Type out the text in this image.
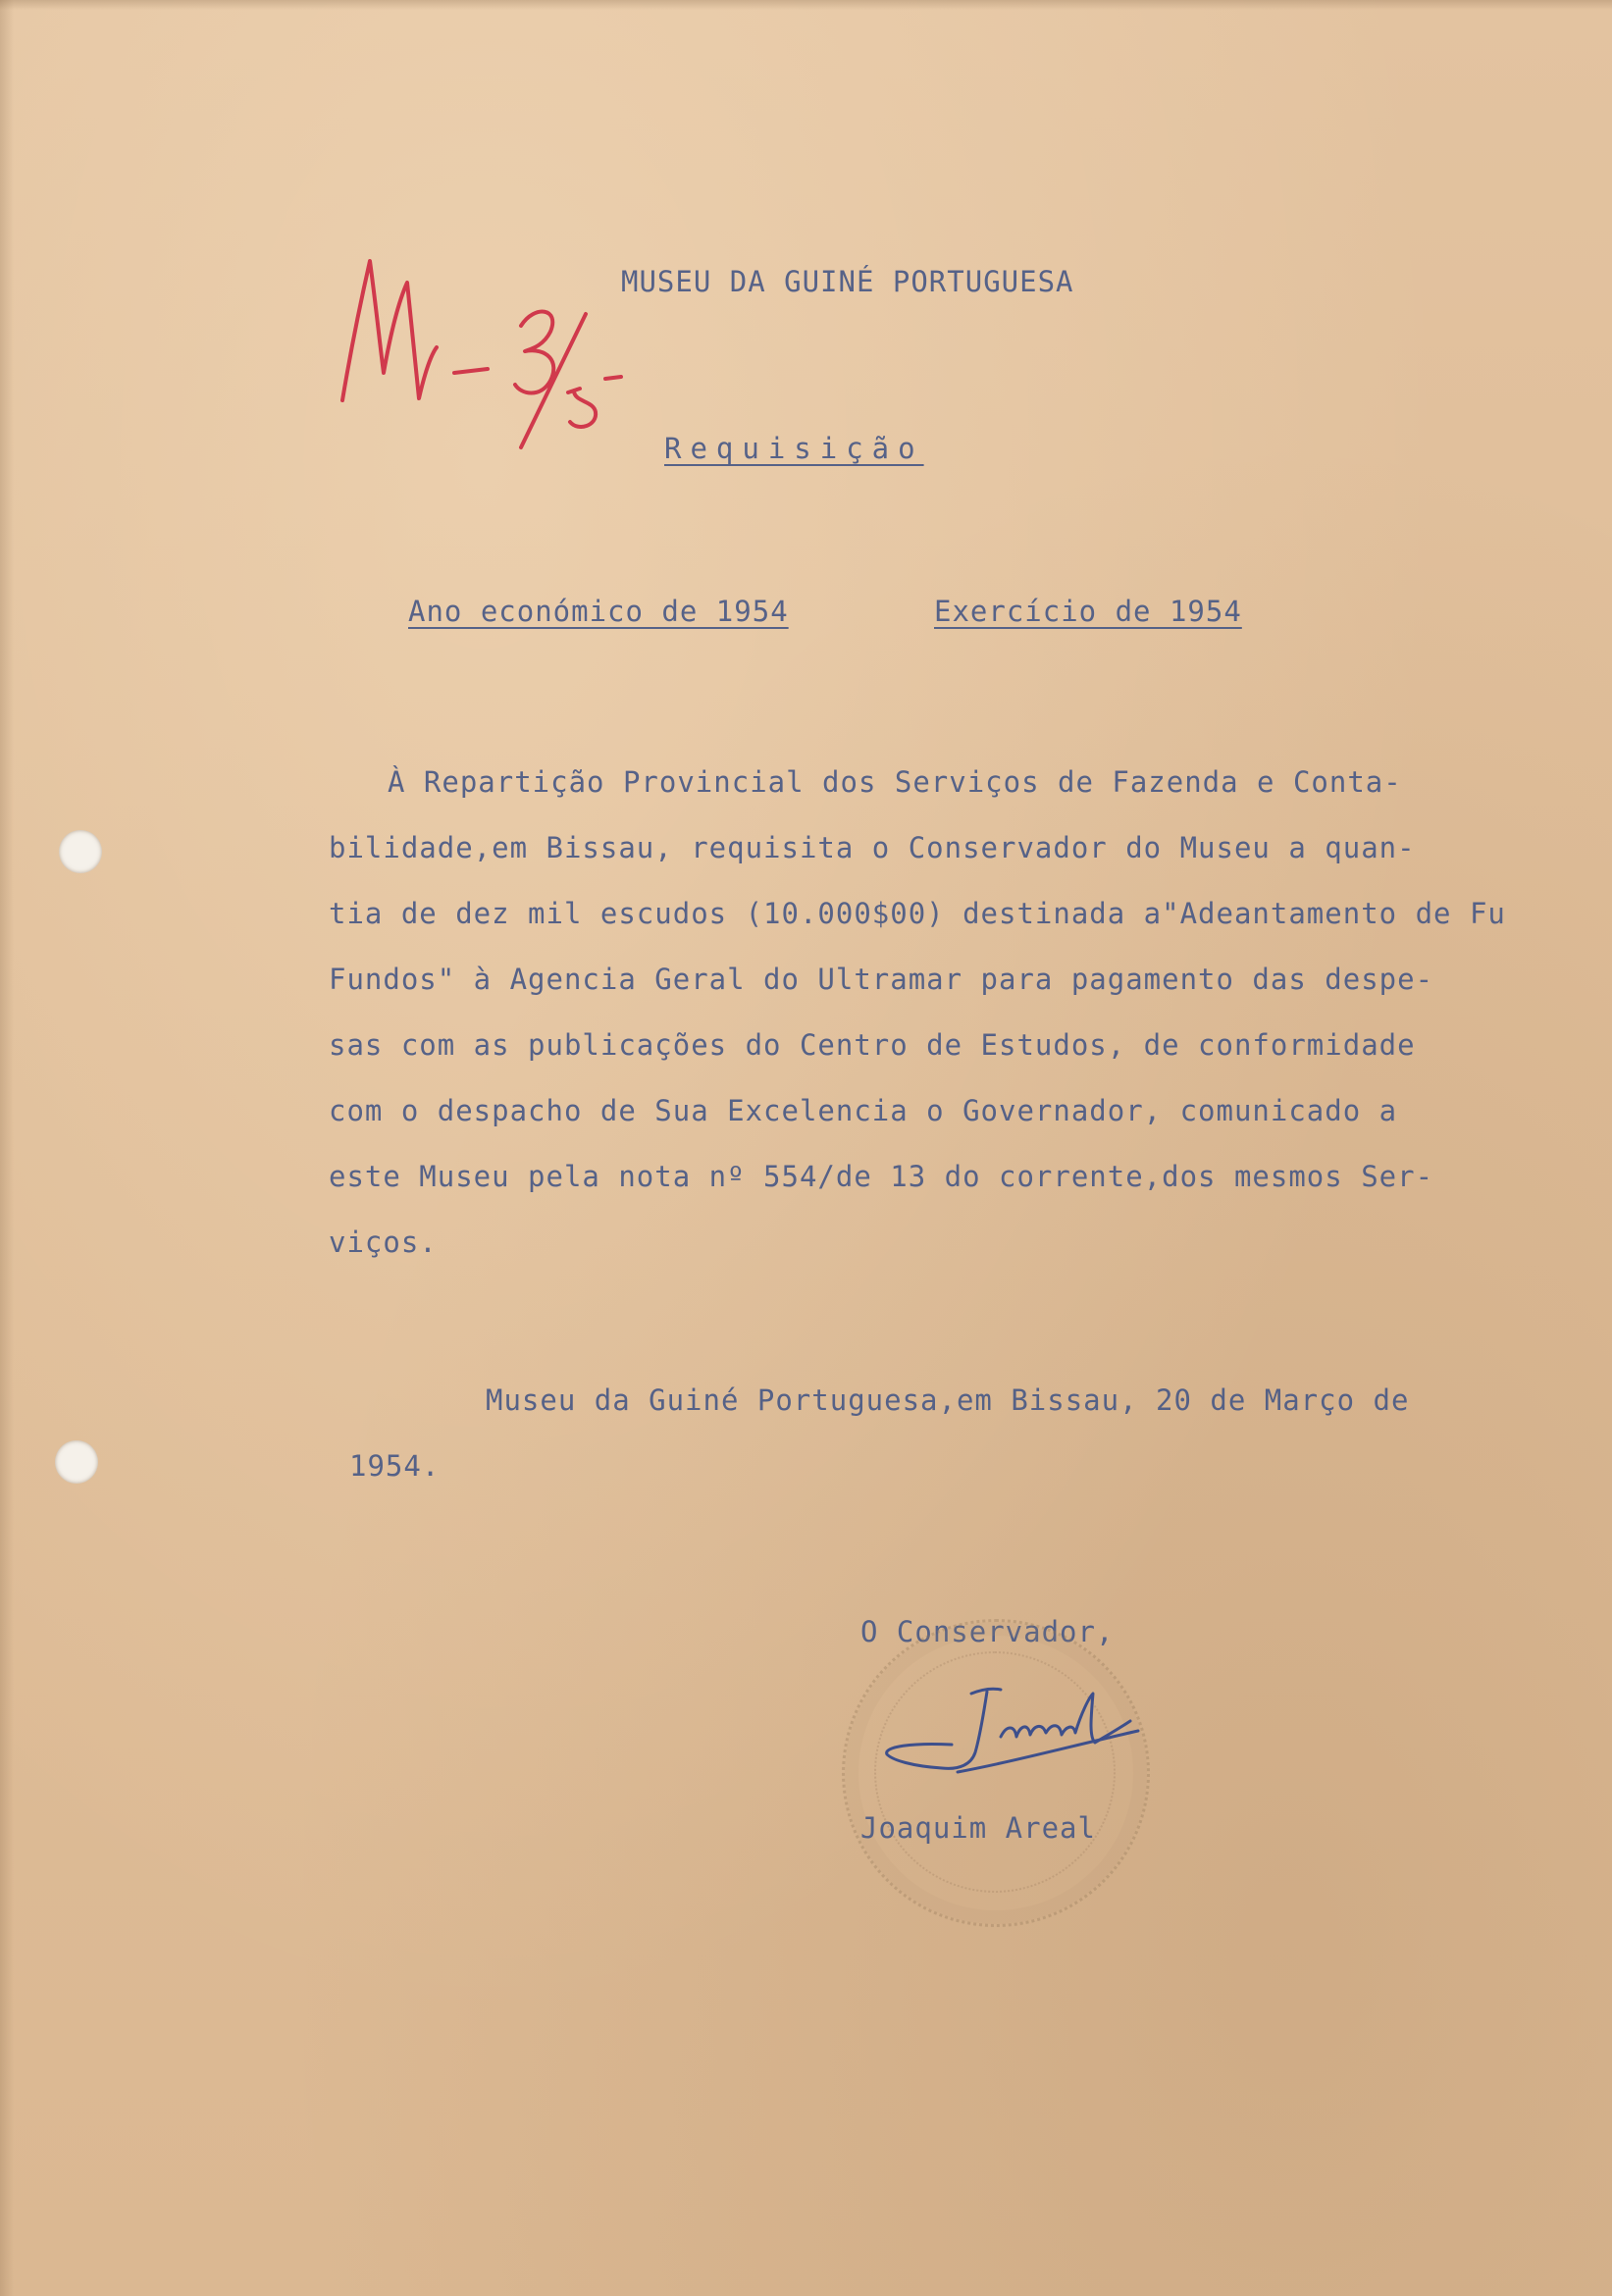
MUSEU DA GUINÉ PORTUGUESA
Requisição
Ano económico de 1954	Exercício de 1954
À Repartição Provincial dos Serviços de Fazenda e Conta-
bilidade,em Bissau, requisita o Conservador do Museu a quan-
tia de dez mil escudos (10.000$00) destinada a"Adeantamento de Fu
Fundos" à Agencia Geral do Ultramar para pagamento das despe-
sas com as publicações do Centro de Estudos, de conformidade
com o despacho de Sua Excelencia o Governador, comunicado a
este Museu pela nota nº 554/de 13 do corrente,dos mesmos Ser-
viços.
Museu da Guiné Portuguesa,em Bissau, 20 de Março de
1954.
O Conservador,
Joaquim Areal
